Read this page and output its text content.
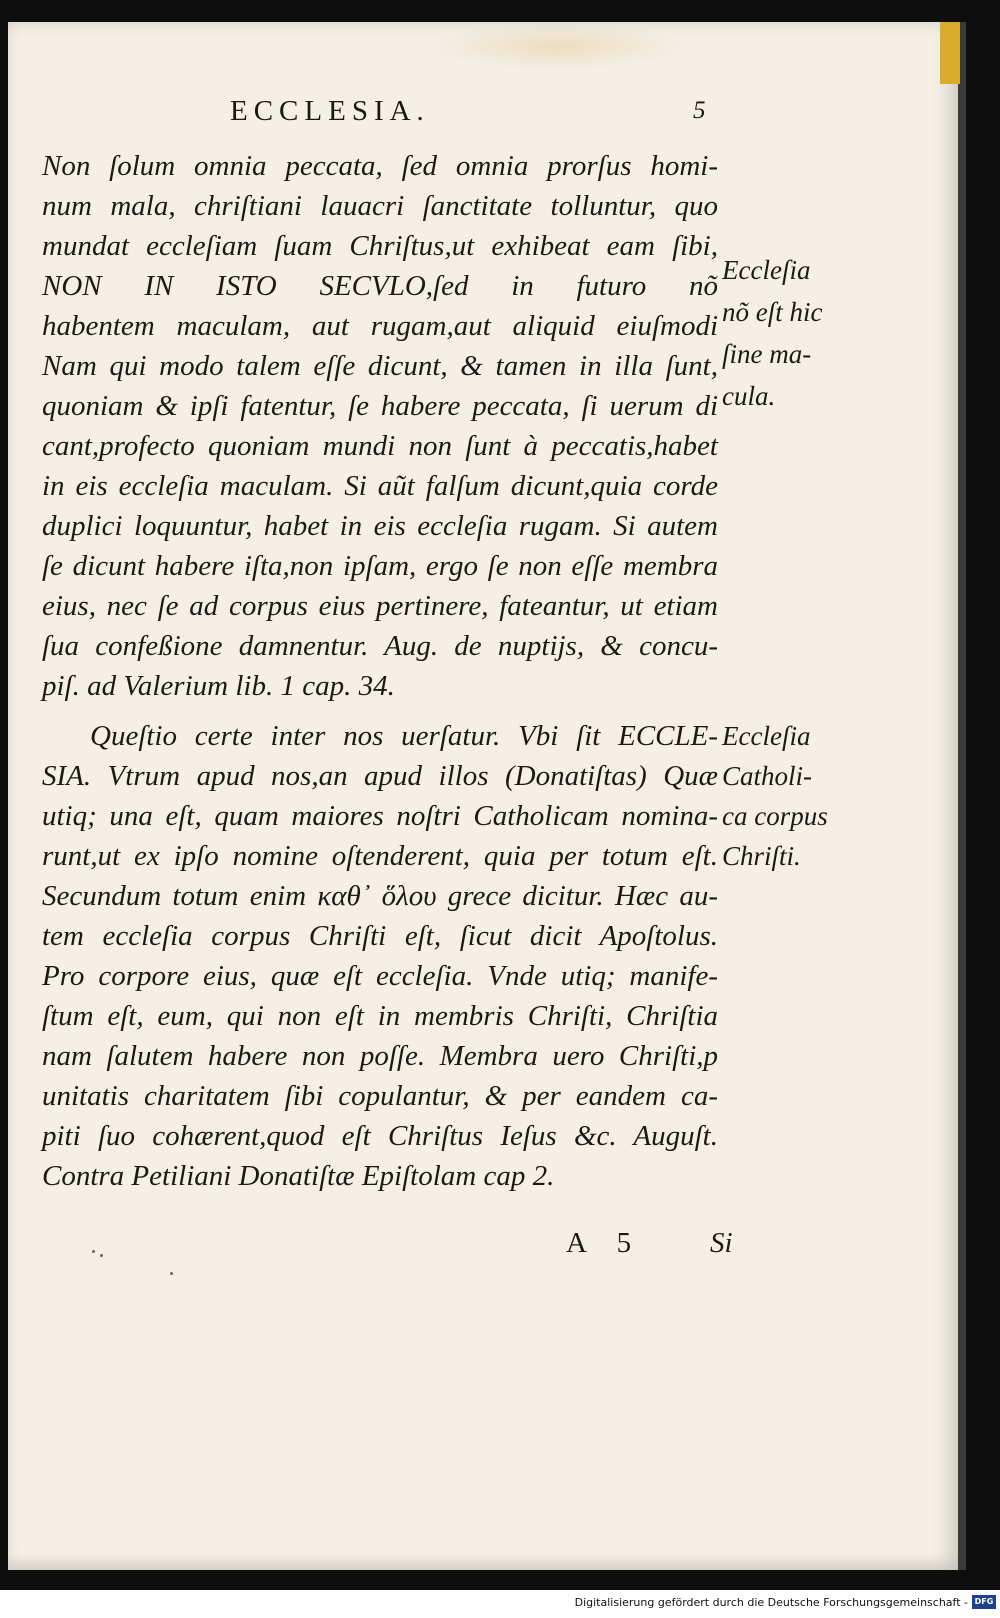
ECCLESIA.	5

Non ſolum omnia peccata, ſed omnia prorſus homi-

num mala, chriſtiani lauacri ſanctitate tolluntur, quo

mundat eccleſiam ſuam Chriſtus,ut exhibeat eam ſibi,

NON IN ISTO SECVLO,ſed in futuro nõ

habentem maculam, aut rugam,aut aliquid eiuſmodi

Nam qui modo talem eſſe dicunt, & tamen in illa ſunt,

quoniam & ipſi fatentur, ſe habere peccata, ſi uerum di

cant,profecto quoniam mundi non ſunt à peccatis,habet

in eis eccleſia maculam. Si aũt falſum dicunt,quia corde

duplici loquuntur, habet in eis eccleſia rugam. Si autem

ſe dicunt habere iſta,non ipſam, ergo ſe non eſſe membra

eius, nec ſe ad corpus eius pertinere, fateantur, ut etiam

ſua confeßione damnentur. Aug. de nuptijs, & concu-

piſ. ad Valerium lib. 1 cap. 34.

Queſtio certe inter nos uerſatur. Vbi ſit ECCLE-

SIA. Vtrum apud nos,an apud illos (Donatiſtas) Quæ

utiq; una eſt, quam maiores noſtri Catholicam nomina-

runt,ut ex ipſo nomine oſtenderent, quia per totum eſt.

Secundum totum enim καθ᾽ ὅλου grece dicitur. Hæc au-

tem eccleſia corpus Chriſti eſt, ſicut dicit Apoſtolus.

Pro corpore eius, quæ eſt eccleſia. Vnde utiq; manife-

ſtum eſt, eum, qui non eſt in membris Chriſti, Chriſtia

nam ſalutem habere non poſſe. Membra uero Chriſti,p

unitatis charitatem ſibi copulantur, & per eandem ca-

piti ſuo cohærent,quod eſt Chriſtus Ieſus &c. Auguſt.

Contra Petiliani Donatiſtæ Epiſtolam cap 2.

Eccleſia

nõ eſt hic

ſine ma-

cula.

Eccleſia

Catholi-

ca corpus

Chriſti.

A 5 Si
Digitalisierung gefördert durch die Deutsche Forschungsgemeinschaft - DFG
